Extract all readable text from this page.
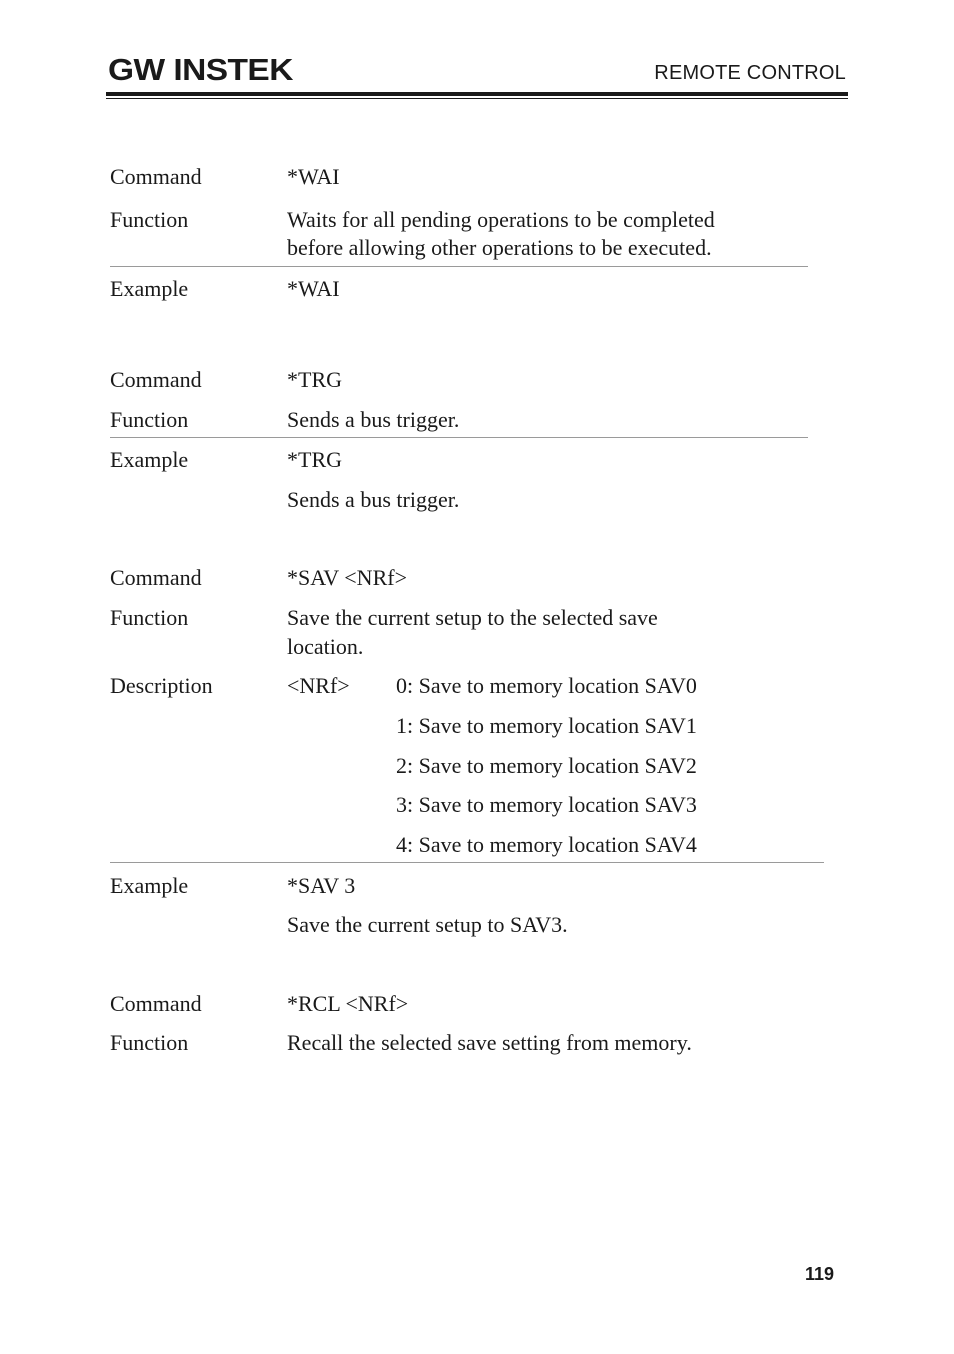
GW INSTEK	REMOTE CONTROL
Command	*WAI
Function	Waits for all pending operations to be completed
before allowing other operations to be executed.
Example	*WAI
Command	*TRG
Function	Sends a bus trigger.
Example	*TRG
Sends a bus trigger.
Command	*SAV <NRf>
Function	Save the current setup to the selected save
location.
Description	<NRf> 0: Save to memory location SAV0
1: Save to memory location SAV1
2: Save to memory location SAV2
3: Save to memory location SAV3
4: Save to memory location SAV4
Example	*SAV 3
Save the current setup to SAV3.
Command	*RCL <NRf>
Function	Recall the selected save setting from memory.
119
